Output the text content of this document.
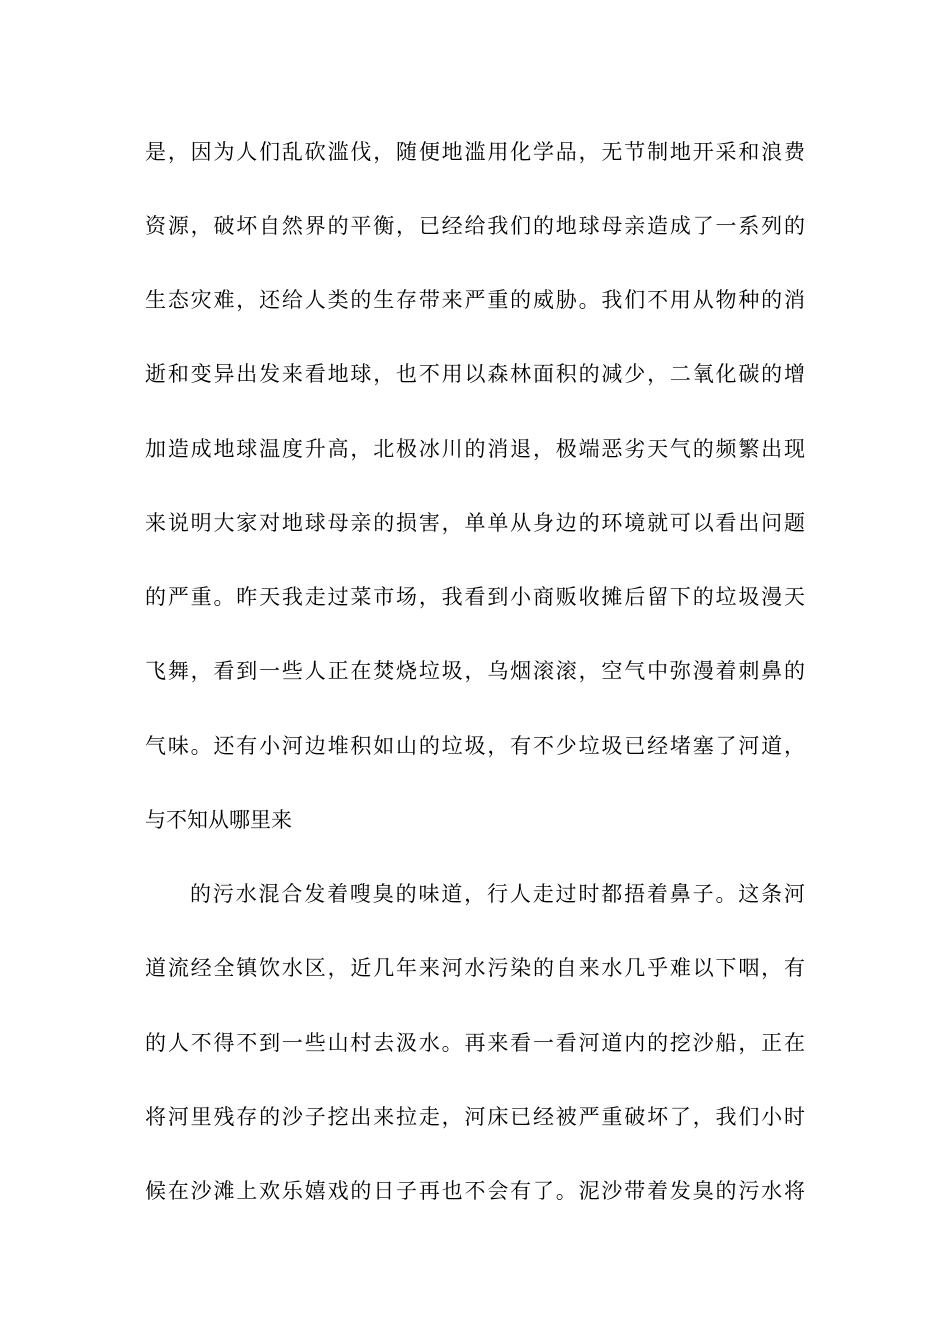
是，因为人们乱砍滥伐，随便地滥用化学品，无节制地开采和浪费
资源，破坏自然界的平衡，已经给我们的地球母亲造成了一系列的
生态灾难，还给人类的生存带来严重的威胁。我们不用从物种的消
逝和变异出发来看地球，也不用以森林面积的减少，二氧化碳的增
加造成地球温度升高，北极冰川的消退，极端恶劣天气的频繁出现
来说明大家对地球母亲的损害，单单从身边的环境就可以看出问题
的严重。昨天我走过菜市场，我看到小商贩收摊后留下的垃圾漫天
飞舞，看到一些人正在焚烧垃圾，乌烟滚滚，空气中弥漫着刺鼻的
气味。还有小河边堆积如山的垃圾，有不少垃圾已经堵塞了河道，
与不知从哪里来
的污水混合发着嗖臭的味道，行人走过时都捂着鼻子。这条河
道流经全镇饮水区，近几年来河水污染的自来水几乎难以下咽，有
的人不得不到一些山村去汲水。再来看一看河道内的挖沙船，正在
将河里残存的沙子挖出来拉走，河床已经被严重破坏了，我们小时
候在沙滩上欢乐嬉戏的日子再也不会有了。泥沙带着发臭的污水将
